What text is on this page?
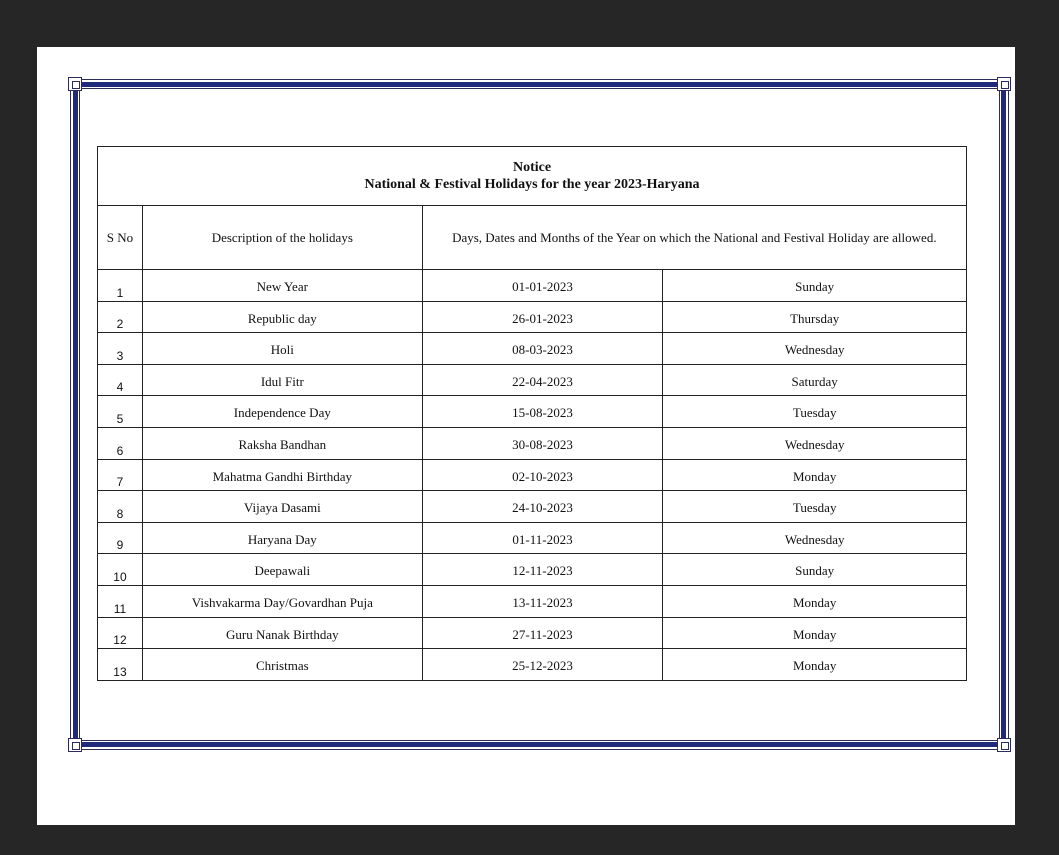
Notice
National & Festival Holidays for the year 2023-Haryana			

S No	Description of the holidays	Days, Dates and Months of the Year on which the National and Festival Holiday are allowed.	
1	New Year	01-01-2023	Sunday
2	Republic day	26-01-2023	Thursday
3	Holi	08-03-2023	Wednesday
4	Idul Fitr	22-04-2023	Saturday
5	Independence Day	15-08-2023	Tuesday
6	Raksha Bandhan	30-08-2023	Wednesday
7	Mahatma Gandhi Birthday	02-10-2023	Monday
8	Vijaya Dasami	24-10-2023	Tuesday
9	Haryana Day	01-11-2023	Wednesday
10	Deepawali	12-11-2023	Sunday
11	Vishvakarma Day/Govardhan Puja	13-11-2023	Monday
12	Guru Nanak Birthday	27-11-2023	Monday
13	Christmas	25-12-2023	Monday
